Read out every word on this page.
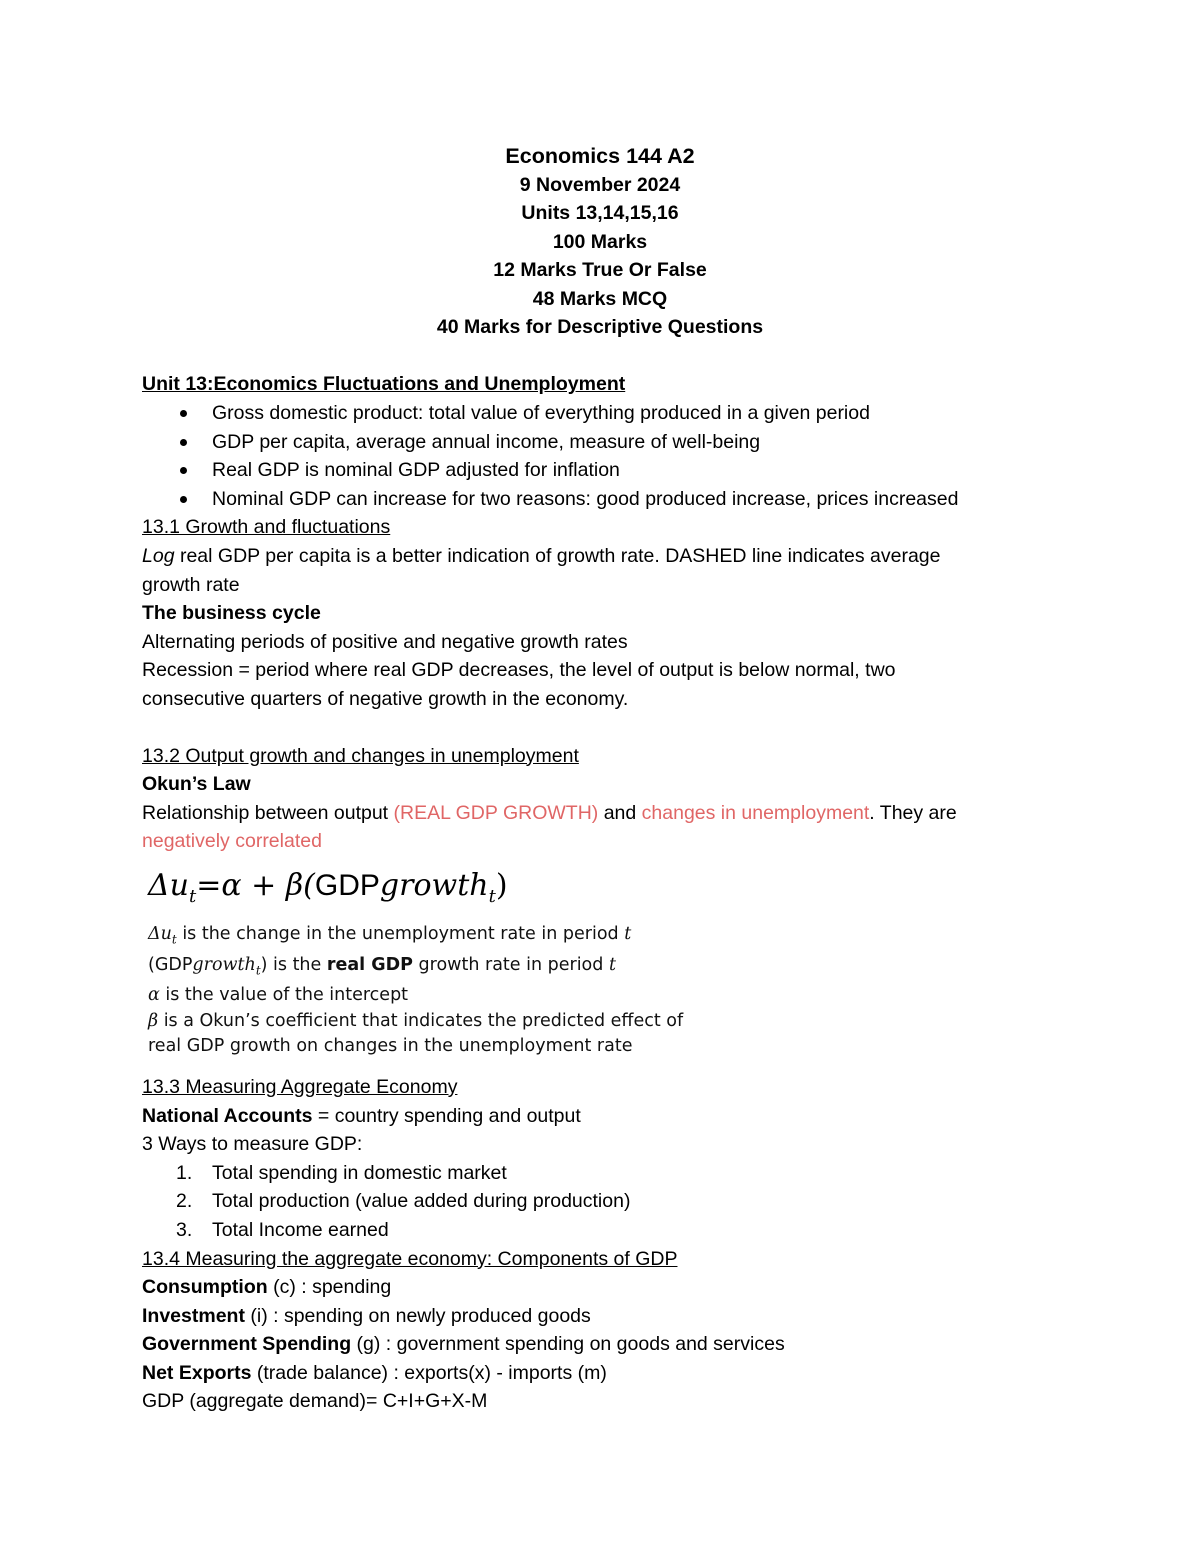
Economics 144 A2
9 November 2024
Units 13,14,15,16
100 Marks
12 Marks True Or False
48 Marks MCQ
40 Marks for Descriptive Questions
Unit 13:Economics Fluctuations and Unemployment
Gross domestic product: total value of everything produced in a given period
GDP per capita, average annual income, measure of well-being
Real GDP is nominal GDP adjusted for inflation
Nominal GDP can increase for two reasons: good produced increase, prices increased
13.1 Growth and fluctuations
Log real GDP per capita is a better indication of growth rate. DASHED line indicates average
growth rate
The business cycle
Alternating periods of positive and negative growth rates
Recession = period where real GDP decreases, the level of output is below normal, two
consecutive quarters of negative growth in the economy.
13.2 Output growth and changes in unemployment
Okun’s Law
Relationship between output (REAL GDP GROWTH) and changes in unemployment. They are
negatively correlated
$\Delta u_t=\alpha$ + β(GDPgrowth$_t$)
$\Delta u_t$ is the change in the unemployment rate in period t
(GDPgrowth$_t$) is the real GDP growth rate in period t
α is the value of the intercept
β is a Okun’s coefficient that indicates the predicted effect of
real GDP growth on changes in the unemployment rate
13.3 Measuring Aggregate Economy
National Accounts = country spending and output
3 Ways to measure GDP:
1. Total spending in domestic market
2. Total production (value added during production)
3. Total Income earned
13.4 Measuring the aggregate economy: Components of GDP
Consumption (c) : spending
Investment (i) : spending on newly produced goods
Government Spending (g) : government spending on goods and services
Net Exports (trade balance) : exports(x) - imports (m)
GDP (aggregate demand)= C+I+G+X-M
